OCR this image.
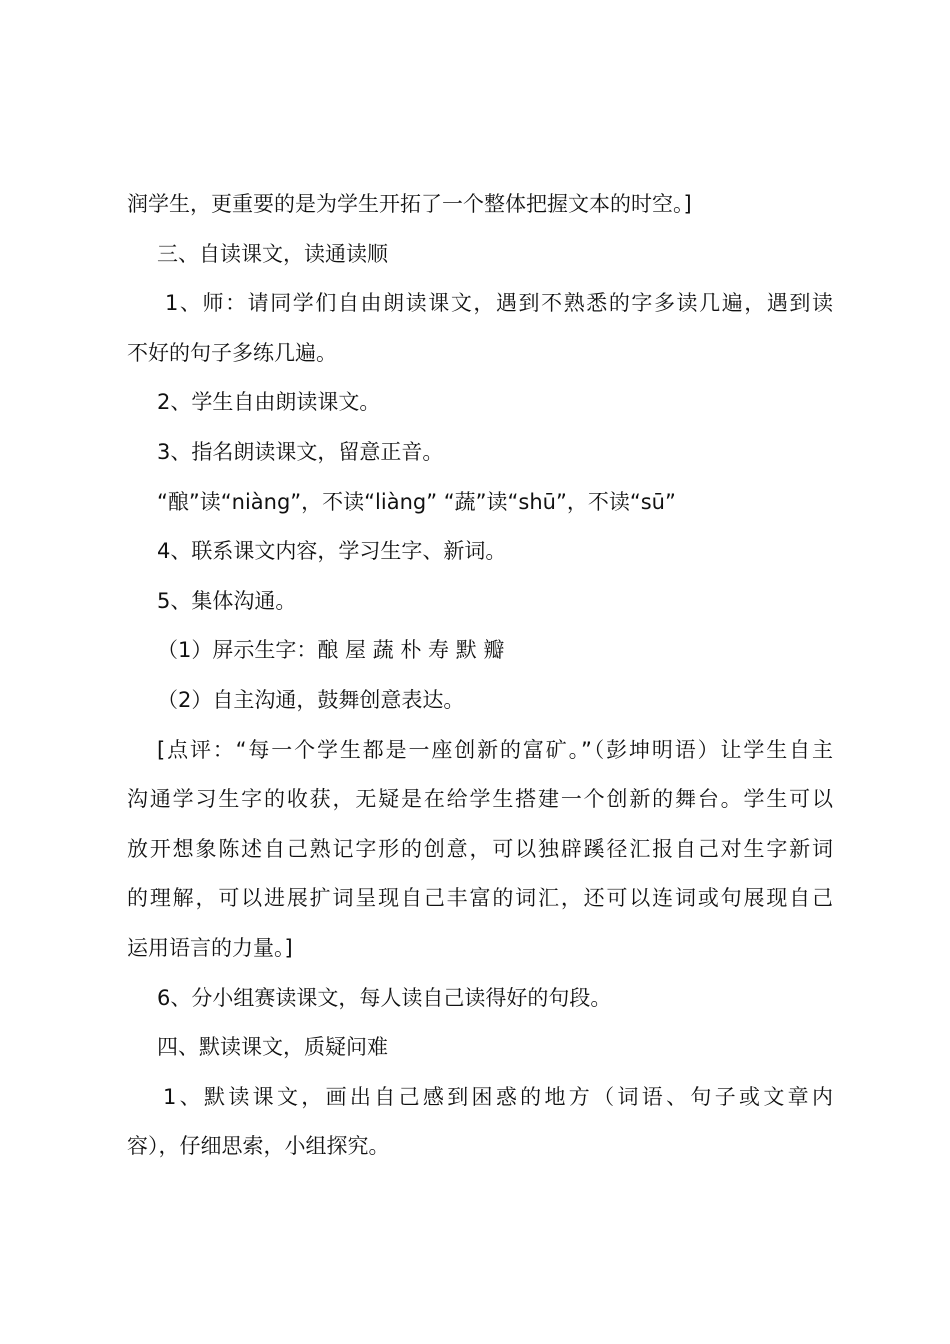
润学生，更重要的是为学生开拓了一个整体把握文本的时空。]
三、自读课文，读通读顺
1、师：请同学们自由朗读课文，遇到不熟悉的字多读几遍，遇到读
不好的句子多练几遍。
2、学生自由朗读课文。
3、指名朗读课文，留意正音。
“酿”读“niàng”，不读“liàng” “蔬”读“shū”，不读“sū”
4、联系课文内容，学习生字、新词。
5、集体沟通。
（1）屏示生字：酿 屋 蔬 朴 寿 默 瓣
（2）自主沟通，鼓舞创意表达。
[点评：“每一个学生都是一座创新的富矿。”（彭坤明语）让学生自主
沟通学习生字的收获，无疑是在给学生搭建一个创新的舞台。学生可以
放开想象陈述自己熟记字形的创意，可以独辟蹊径汇报自己对生字新词
的理解，可以进展扩词呈现自己丰富的词汇，还可以连词或句展现自己
运用语言的力量。]
6、分小组赛读课文，每人读自己读得好的句段。
四、默读课文，质疑问难
1、默读课文，画出自己感到困惑的地方（词语、句子或文章内
容），仔细思索，小组探究。
